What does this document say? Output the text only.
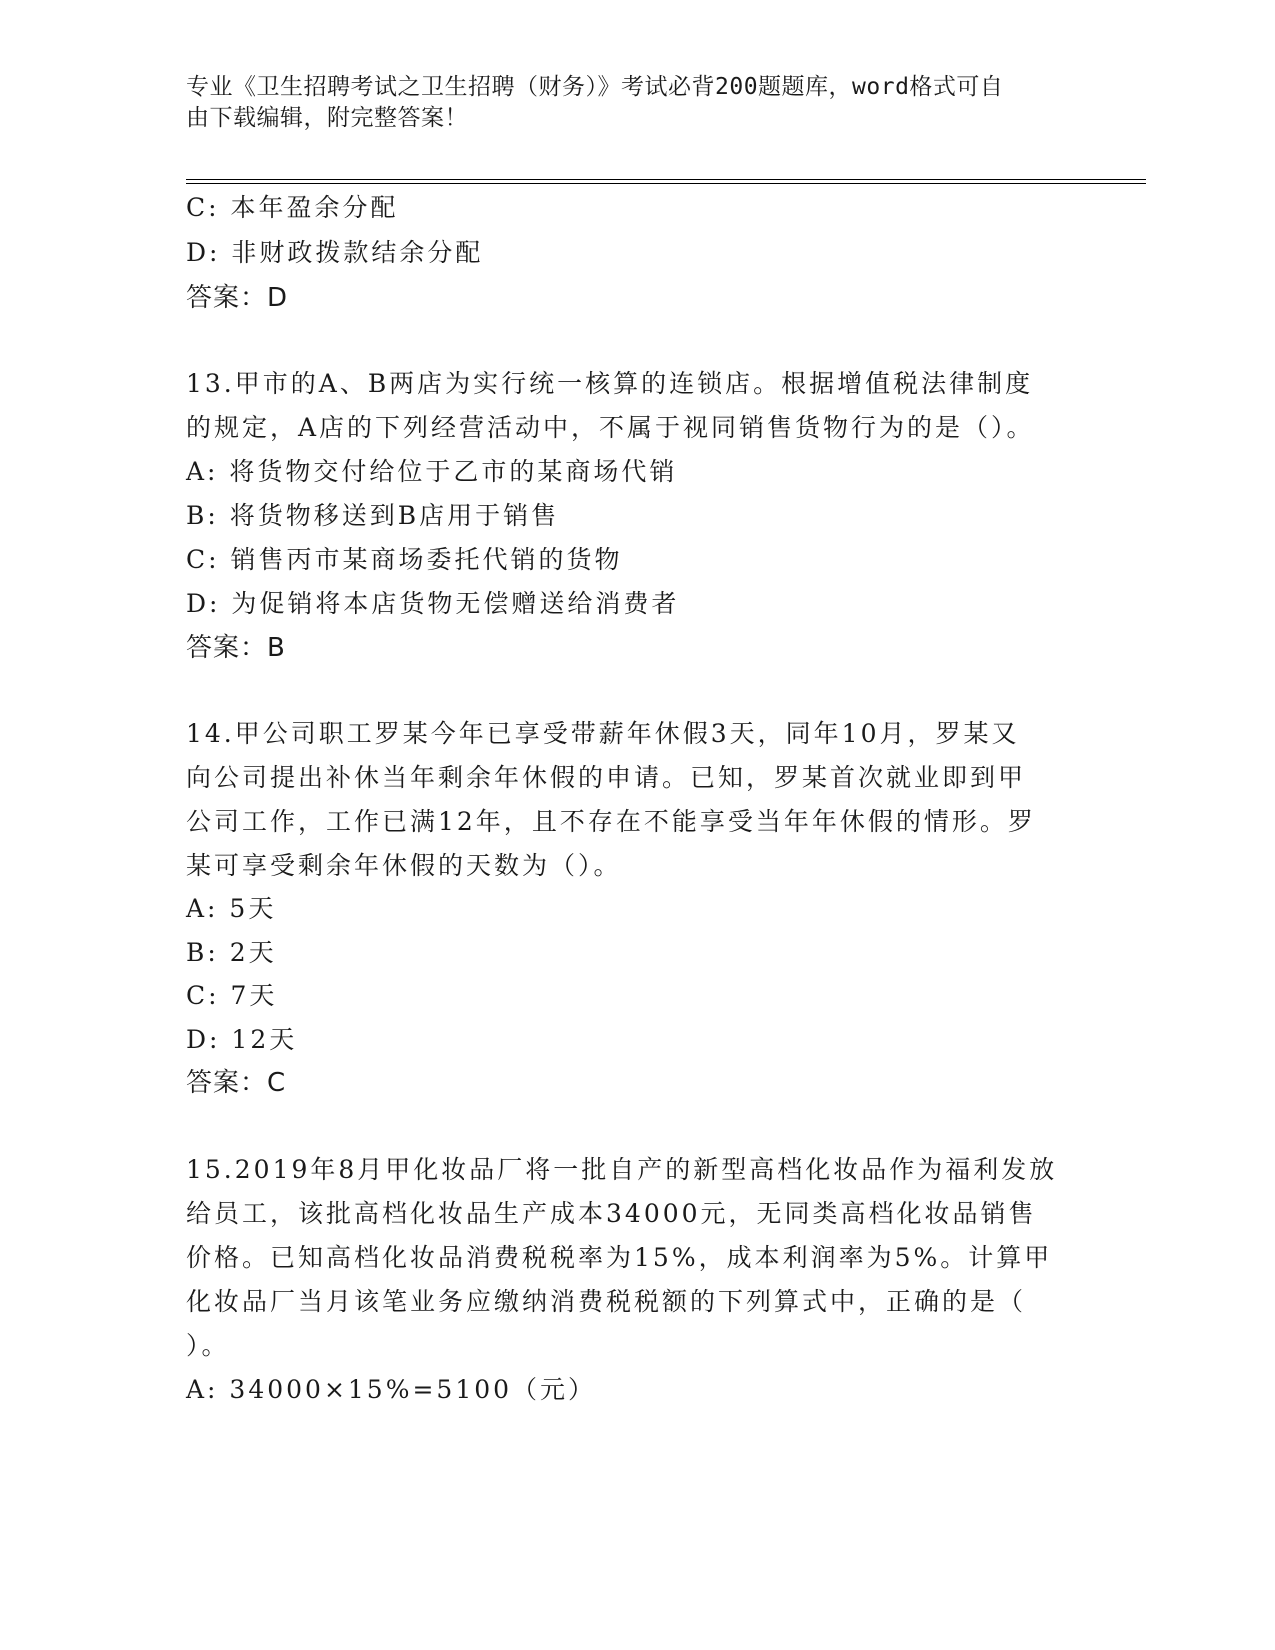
专业《卫生招聘考试之卫生招聘（财务）》考试必背200题题库，word格式可自
由下载编辑，附完整答案！
C: 本年盈余分配
D: 非财政拨款结余分配
答案：D
13.甲市的A、B两店为实行统一核算的连锁店。根据增值税法律制度
的规定，A店的下列经营活动中，不属于视同销售货物行为的是（）。
A: 将货物交付给位于乙市的某商场代销
B: 将货物移送到B店用于销售
C: 销售丙市某商场委托代销的货物
D: 为促销将本店货物无偿赠送给消费者
答案：B
14.甲公司职工罗某今年已享受带薪年休假3天，同年10月，罗某又
向公司提出补休当年剩余年休假的申请。已知，罗某首次就业即到甲
公司工作，工作已满12年，且不存在不能享受当年年休假的情形。罗
某可享受剩余年休假的天数为（）。
A: 5天
B: 2天
C: 7天
D: 12天
答案：C
15.2019年8月甲化妆品厂将一批自产的新型高档化妆品作为福利发放
给员工，该批高档化妆品生产成本34000元，无同类高档化妆品销售
价格。已知高档化妆品消费税税率为15%，成本利润率为5%。计算甲
化妆品厂当月该笔业务应缴纳消费税税额的下列算式中，正确的是（
）。
A: 34000×15%=5100（元）
